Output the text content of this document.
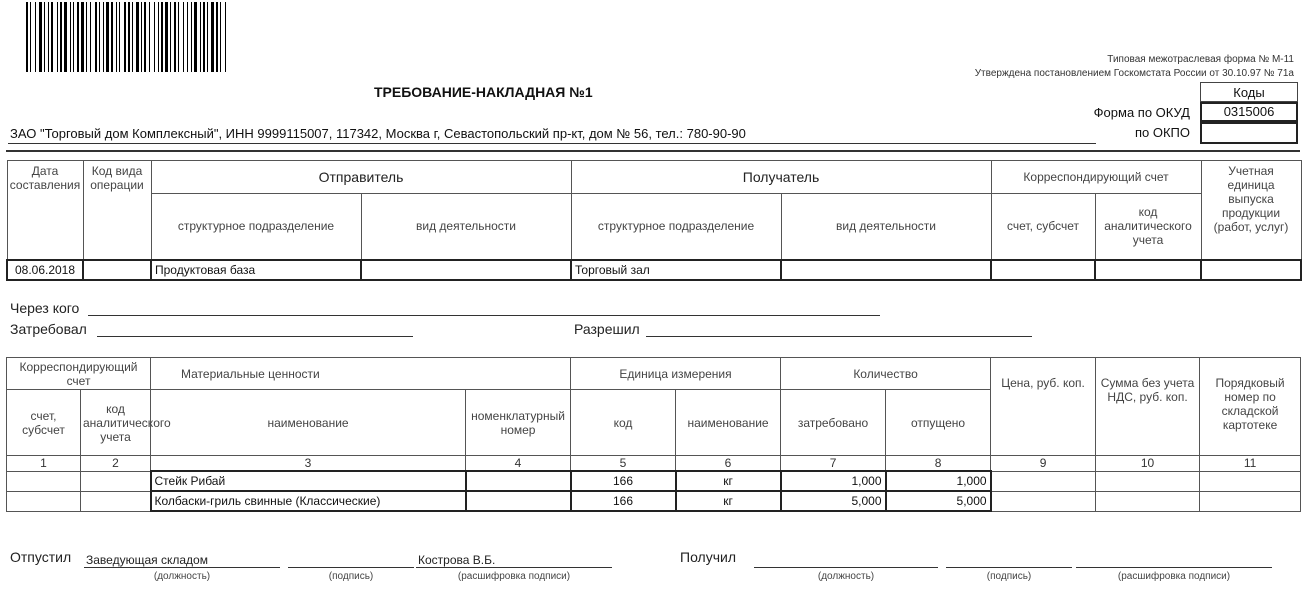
Типовая межотраслевая форма № М-11
Утверждена постановлением Госкомстата России от 30.10.97 № 71а
ТРЕБОВАНИЕ-НАКЛАДНАЯ №1	Коды
Форма по ОКУД	0315006
по ОКПО
ЗАО "Торговый дом Комплексный", ИНН 9999115007, 117342, Москва г, Севастопольский пр-кт, дом № 56, тел.: 780-90-90
Дата составления	Код вида операции	Отправитель		Получатель		Корреспондирующий счет		Учетная единица выпуска продукции (работ, услуг)
		структурное подразделение	вид деятельности	структурное подразделение	вид деятельности	счет, субсчет	код аналитического учета	
08.06.2018		Продуктовая база		Торговый зал				
Через кого
Затребовал	Разрешил
Корреспондирующий счет		Материальные ценности		Единица измерения		Количество		Цена, руб. коп.	Сумма без учета НДС, руб. коп.	Порядковый номер по складской картотеке
счет, субсчет	код аналитического учета	наименование	номенклатурный номер	код	наименование	затребовано	отпущено			
1	2	3	4	5	6	7	8	9	10	11
		Стейк Рибай		166	кг	1,000	1,000			
		Колбаски-гриль свинные (Классические)		166	кг	5,000	5,000			
Отпустил Заведующая складом
(должность)	(подпись)
Кострова В.Б.
(расшифровка подписи)
Получил
(должность)	(подпись)	(расшифровка подписи)
